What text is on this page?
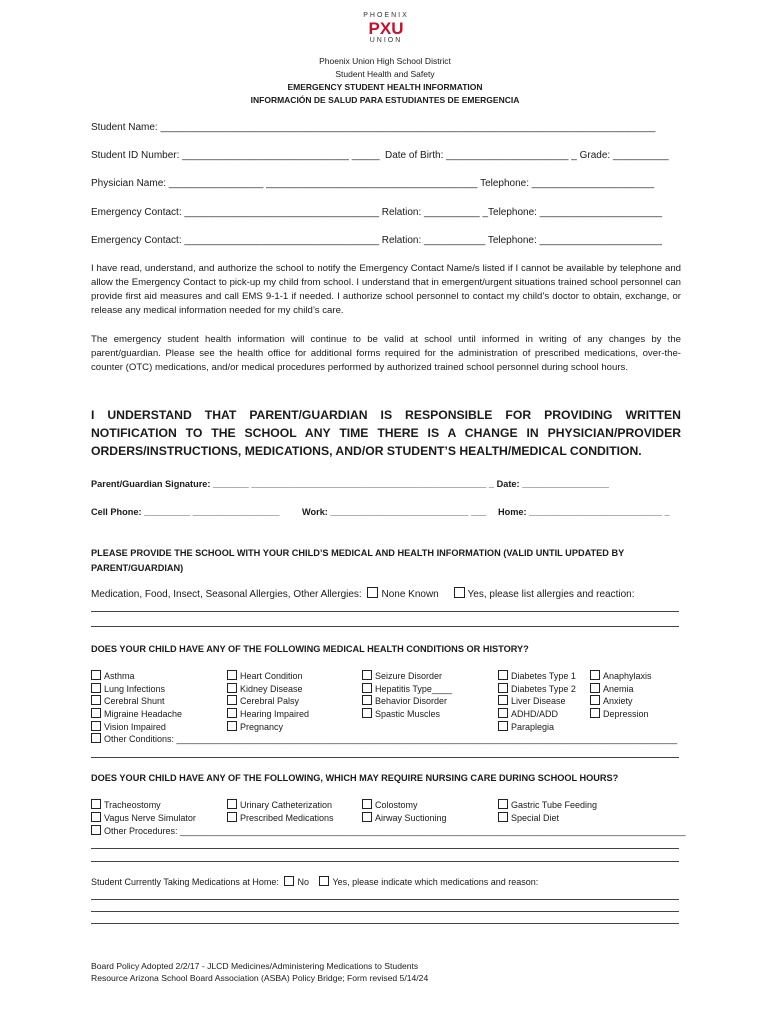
PHOENIX
PXU
UNION
Phoenix Union High School District
Student Health and Safety
EMERGENCY STUDENT HEALTH INFORMATION
INFORMACIÓN DE SALUD PARA ESTUDIANTES DE EMERGENCIA
Student Name: _________________________________________________________________________________________
Student ID Number: ______________________________ _____ Date of Birth: ______________________ _ Grade: __________
Physician Name: _________________ ______________________________________ Telephone: ______________________
Emergency Contact: ___________________________________ Relation: __________ _Telephone: ______________________
Emergency Contact: ___________________________________ Relation: ___________ Telephone: ______________________
I have read, understand, and authorize the school to notify the Emergency Contact Name/s listed if I cannot be available by telephone and allow the Emergency Contact to pick-up my child from school. I understand that in emergent/urgent situations trained school personnel can provide first aid measures and call EMS 9-1-1 if needed. I authorize school personnel to contact my child’s doctor to obtain, exchange, or release any medical information needed for my child’s care.
The emergency student health information will continue to be valid at school until informed in writing of any changes by the parent/guardian. Please see the health office for additional forms required for the administration of prescribed medications, over-the-counter (OTC) medications, and/or medical procedures performed by authorized trained school personnel during school hours.
I UNDERSTAND THAT PARENT/GUARDIAN IS RESPONSIBLE FOR PROVIDING WRITTEN NOTIFICATION TO THE SCHOOL ANY TIME THERE IS A CHANGE IN PHYSICIAN/PROVIDER ORDERS/INSTRUCTIONS, MEDICATIONS, AND/OR STUDENT’S HEALTH/MEDICAL CONDITION.
Parent/Guardian Signature: _______ ______________________________________________ _ Date: _________________
Cell Phone: _________ _________________ Work: ___________________________ ___ Home: __________________________ _
PLEASE PROVIDE THE SCHOOL WITH YOUR CHILD’S MEDICAL AND HEALTH INFORMATION (VALID UNTIL UPDATED BY PARENT/GUARDIAN)
Medication, Food, Insect, Seasonal Allergies, Other Allergies: None Known	Yes, please list allergies and reaction:
DOES YOUR CHILD HAVE ANY OF THE FOLLOWING MEDICAL HEALTH CONDITIONS OR HISTORY?
Asthma
Lung Infections
Cerebral Shunt
Migraine Headache
Vision Impaired
Heart Condition
Kidney Disease
Cerebral Palsy
Hearing Impaired
Pregnancy
Seizure Disorder
Hepatitis Type____
Behavior Disorder
Spastic Muscles
Diabetes Type 1
Diabetes Type 2
Liver Disease
ADHD/ADD
Paraplegia
Anaphylaxis
Anemia
Anxiety
Depression
Other Conditions: ____________________________________________________________________________________________________
DOES YOUR CHILD HAVE ANY OF THE FOLLOWING, WHICH MAY REQUIRE NURSING CARE DURING SCHOOL HOURS?
Tracheostomy
Vagus Nerve Simulator
Urinary Catheterization
Prescribed Medications
Colostomy
Airway Suctioning
Gastric Tube Feeding
Special Diet
Other Procedures: _____________________________________________________________________________________________________
Student Currently Taking Medications at Home: No	Yes, please indicate which medications and reason:
Board Policy Adopted 2/2/17 - JLCD Medicines/Administering Medications to Students
Resource Arizona School Board Association (ASBA) Policy Bridge; Form revised 5/14/24
